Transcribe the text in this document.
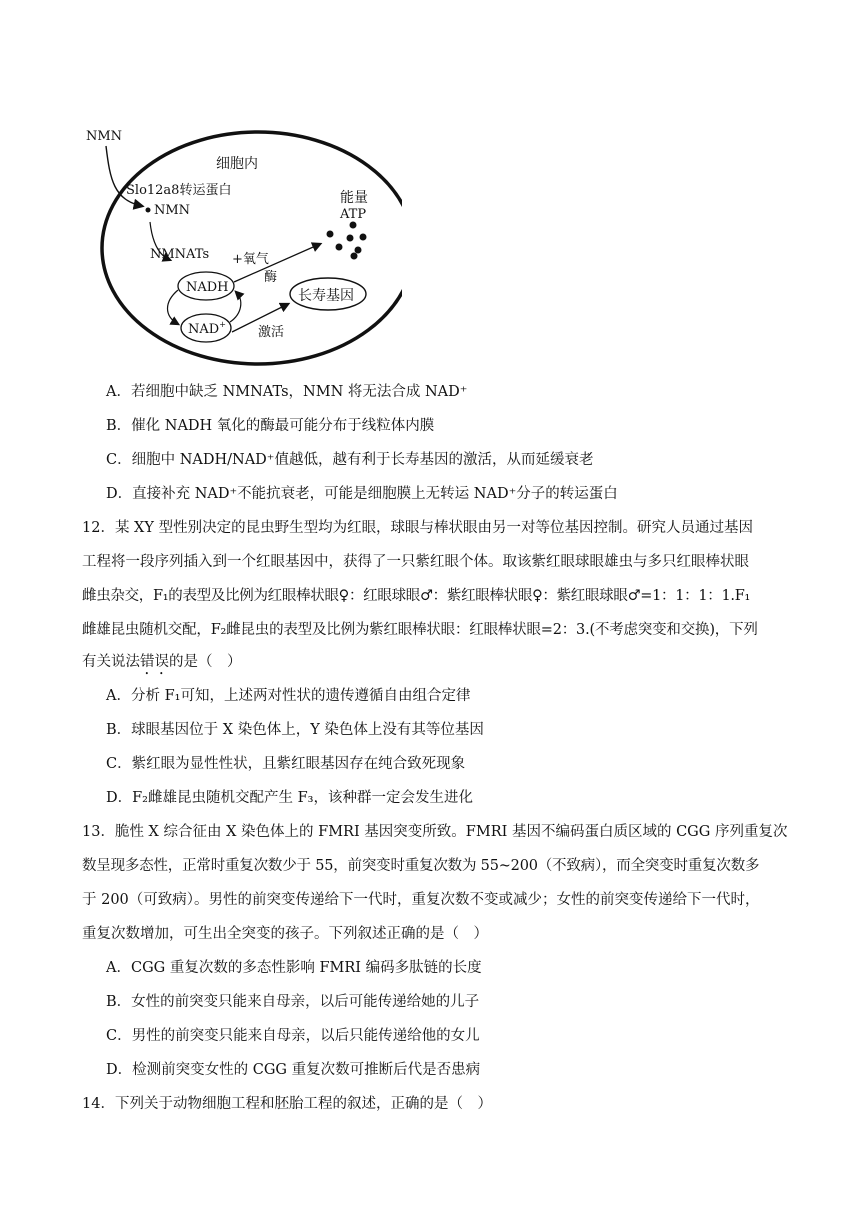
NMN
细胞内
Slo12a8转运蛋白
NMN
能量
ATP
NMNATs +氧气
NADH
酶
NAD+
长寿基因
激活
A．若细胞中缺乏 NMNATs，NMN 将无法合成 NAD⁺
B．催化 NADH 氧化的酶最可能分布于线粒体内膜
C．细胞中 NADH/NAD⁺值越低，越有利于长寿基因的激活，从而延缓衰老
D．直接补充 NAD⁺不能抗衰老，可能是细胞膜上无转运 NAD⁺分子的转运蛋白
12．某 XY 型性别决定的昆虫野生型均为红眼，球眼与棒状眼由另一对等位基因控制。研究人员通过基因
工程将一段序列插入到一个红眼基因中，获得了一只紫红眼个体。取该紫红眼球眼雄虫与多只红眼棒状眼
雌虫杂交，F₁的表型及比例为红眼棒状眼♀：红眼球眼♂：紫红眼棒状眼♀：紫红眼球眼♂=1：1：1：1.F₁
雌雄昆虫随机交配，F₂雌昆虫的表型及比例为紫红眼棒状眼：红眼棒状眼=2：3.(不考虑突变和交换)，下列
有关说法错误的是（　）
A．分析 F₁可知，上述两对性状的遗传遵循自由组合定律
B．球眼基因位于 X 染色体上，Y 染色体上没有其等位基因
C．紫红眼为显性性状，且紫红眼基因存在纯合致死现象
D．F₂雌雄昆虫随机交配产生 F₃，该种群一定会发生进化
13．脆性 X 综合征由 X 染色体上的 FMRI 基因突变所致。FMRI 基因不编码蛋白质区域的 CGG 序列重复次
数呈现多态性，正常时重复次数少于 55，前突变时重复次数为 55~200（不致病），而全突变时重复次数多
于 200（可致病）。男性的前突变传递给下一代时，重复次数不变或减少；女性的前突变传递给下一代时，
重复次数增加，可生出全突变的孩子。下列叙述正确的是（　）
A．CGG 重复次数的多态性影响 FMRI 编码多肽链的长度
B．女性的前突变只能来自母亲，以后可能传递给她的儿子
C．男性的前突变只能来自母亲，以后只能传递给他的女儿
D．检测前突变女性的 CGG 重复次数可推断后代是否患病
14．下列关于动物细胞工程和胚胎工程的叙述，正确的是（　）
